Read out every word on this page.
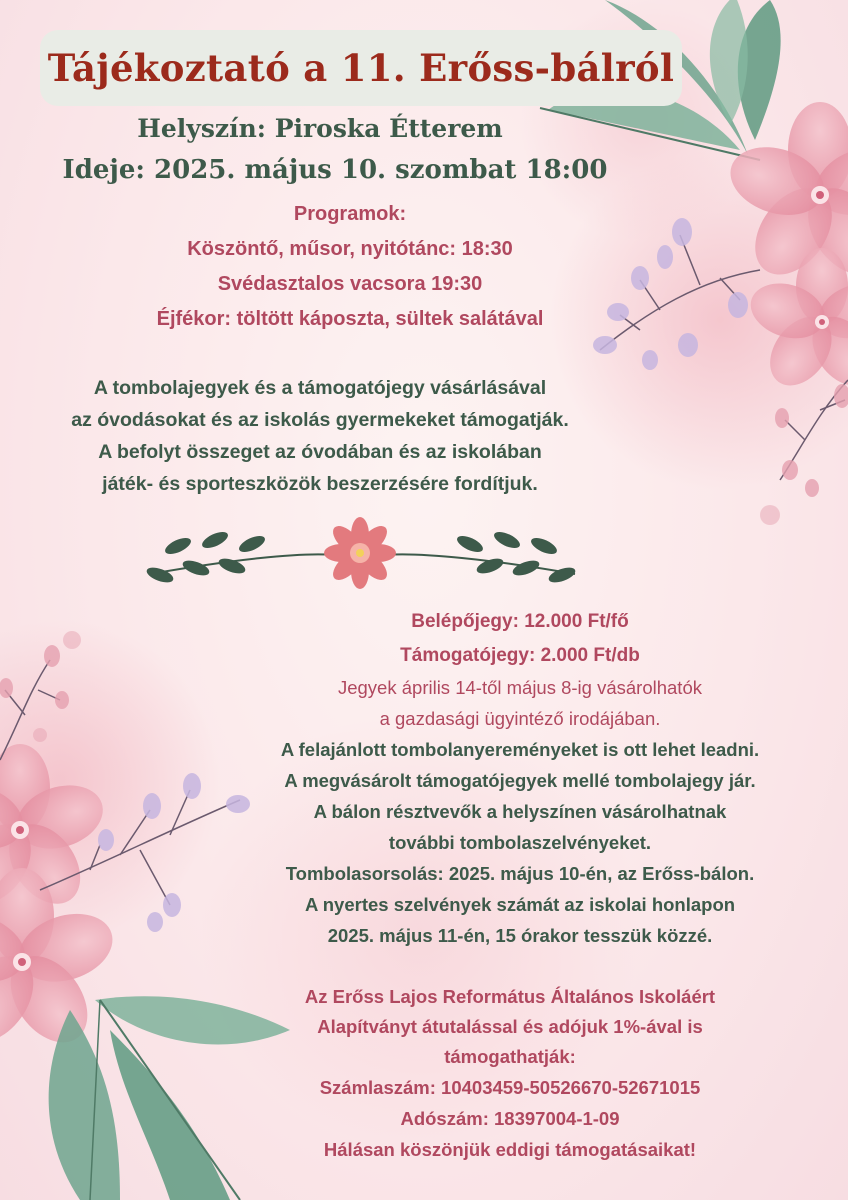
Tájékoztató a 11. Erőss-bálról
Helyszín: Piroska Étterem
Ideje: 2025. május 10. szombat 18:00
Programok:
Köszöntő, műsor, nyitótánc: 18:30
Svédasztalos vacsora 19:30
Éjfékor: töltött káposzta, sültek salátával
A tombolajegyek és a támogatójegy vásárlásával
az óvodásokat és az iskolás gyermekeket támogatják.
A befolyt összeget az óvodában és az iskolában
játék- és sporteszközök beszerzésére fordítjuk.
Belépőjegy: 12.000 Ft/fő
Támogatójegy: 2.000 Ft/db
Jegyek április 14-től május 8-ig vásárolhatók
a gazdasági ügyintéző irodájában.
A felajánlott tombolanyereményeket is ott lehet leadni.
A megvásárolt támogatójegyek mellé tombolajegy jár.
A bálon résztvevők a helyszínen vásárolhatnak
további tombolaszelvényeket.
Tombolasorsolás: 2025. május 10-én, az Erőss-bálon.
A nyertes szelvények számát az iskolai honlapon
2025. május 11-én, 15 órakor tesszük közzé.
Az Erőss Lajos Református Általános Iskoláért
Alapítványt átutalással és adójuk 1%-ával is
támogathatják:
Számlaszám: 10403459-50526670-52671015
Adószám: 18397004-1-09
Hálásan köszönjük eddigi támogatásaikat!
